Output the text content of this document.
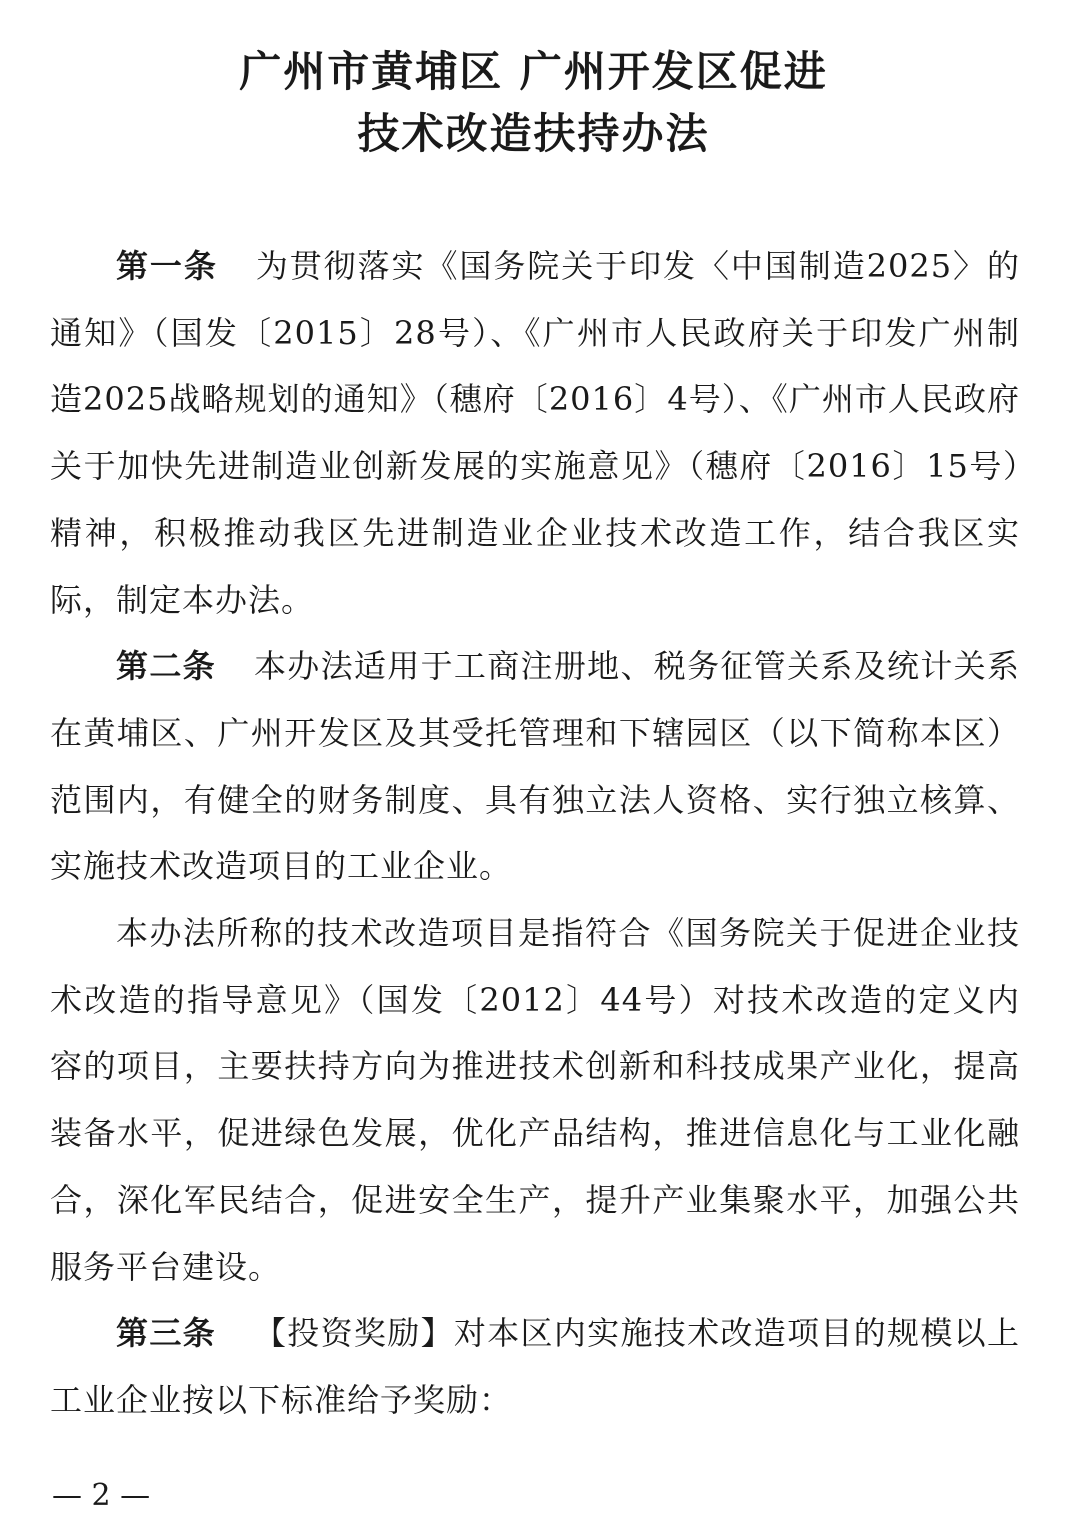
广州市黄埔区 广州开发区促进
技术改造扶持办法

第一条 为贯彻落实《国务院关于印发〈中国制造2025〉的通知》（国发〔2015〕28号）、《广州市人民政府关于印发广州制造2025战略规划的通知》（穗府〔2016〕4号）、《广州市人民政府关于加快先进制造业创新发展的实施意见》（穗府〔2016〕15号）精神，积极推动我区先进制造业企业技术改造工作，结合我区实际，制定本办法。

第二条 本办法适用于工商注册地、税务征管关系及统计关系在黄埔区、广州开发区及其受托管理和下辖园区（以下简称本区）范围内，有健全的财务制度、具有独立法人资格、实行独立核算、实施技术改造项目的工业企业。

本办法所称的技术改造项目是指符合《国务院关于促进企业技术改造的指导意见》（国发〔2012〕44号）对技术改造的定义内容的项目，主要扶持方向为推进技术创新和科技成果产业化，提高装备水平，促进绿色发展，优化产品结构，推进信息化与工业化融合，深化军民结合，促进安全生产，提升产业集聚水平，加强公共服务平台建设。

第三条 【投资奖励】对本区内实施技术改造项目的规模以上工业企业按以下标准给予奖励：

— 2 —
